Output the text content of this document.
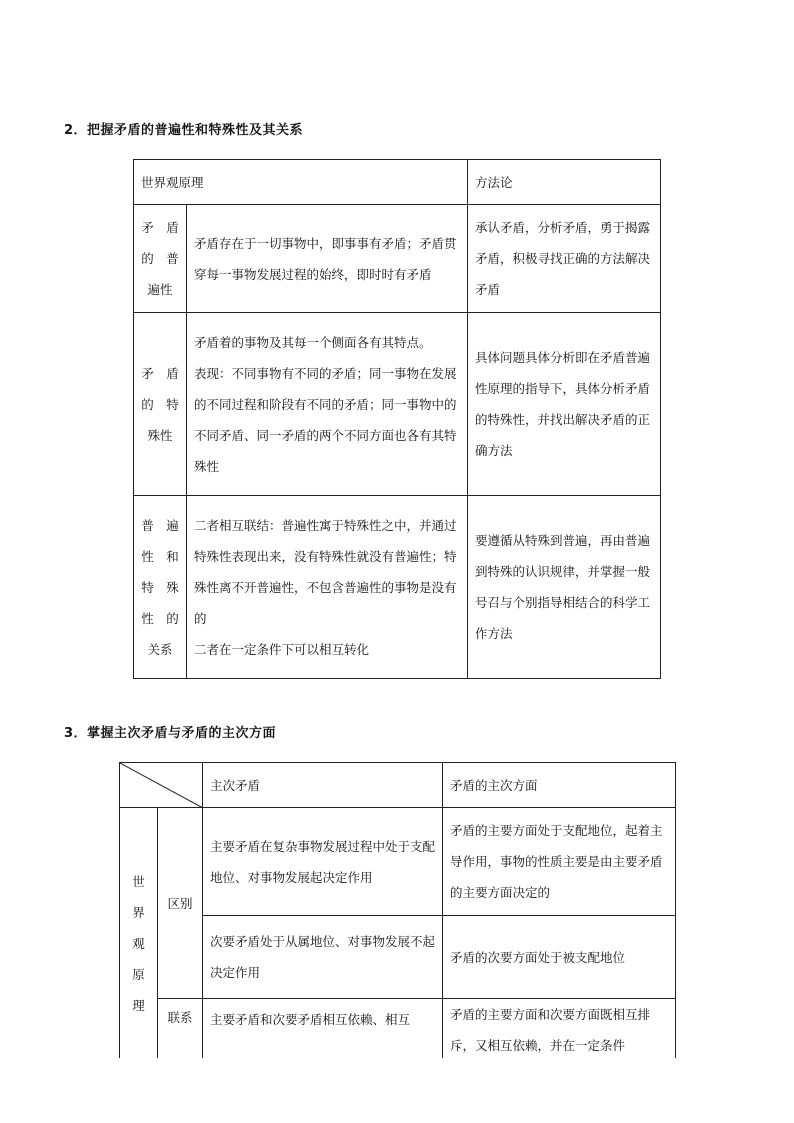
2．把握矛盾的普遍性和特殊性及其关系
世界观原理		方法论

矛　盾
的　普
遍性	矛盾存在于一切事物中，即事事有矛盾；矛盾贯穿每一事物发展过程的始终，即时时有矛盾	承认矛盾，分析矛盾，勇于揭露矛盾，积极寻找正确的方法解决矛盾

矛　盾
的　特
殊性	矛盾着的事物及其每一个侧面各有其特点。
表现：不同事物有不同的矛盾；同一事物在发展的不同过程和阶段有不同的矛盾；同一事物中的不同矛盾、同一矛盾的两个不同方面也各有其特殊性	具体问题具体分析即在矛盾普遍性原理的指导下，具体分析矛盾的特殊性，并找出解决矛盾的正确方法

普　遍
性　和
特　殊
性　的
关系	二者相互联结：普遍性寓于特殊性之中，并通过特殊性表现出来，没有特殊性就没有普遍性；特殊性离不开普遍性，不包含普遍性的事物是没有的
二者在一定条件下可以相互转化	要遵循从特殊到普遍，再由普遍到特殊的认识规律，并掌握一般号召与个别指导相结合的科学工作方法
3．掌握主次矛盾与矛盾的主次方面
	主次矛盾	矛盾的主次方面

世
界
观
原
理	区别	主要矛盾在复杂事物发展过程中处于支配地位、对事物发展起决定作用	矛盾的主要方面处于支配地位，起着主导作用，事物的性质主要是由主要矛盾的主要方面决定的
		次要矛盾处于从属地位、对事物发展不起决定作用	矛盾的次要方面处于被支配地位
	联系	主要矛盾和次要矛盾相互依赖、相互	矛盾的主要方面和次要方面既相互排斥，又相互依赖，并在一定条件
